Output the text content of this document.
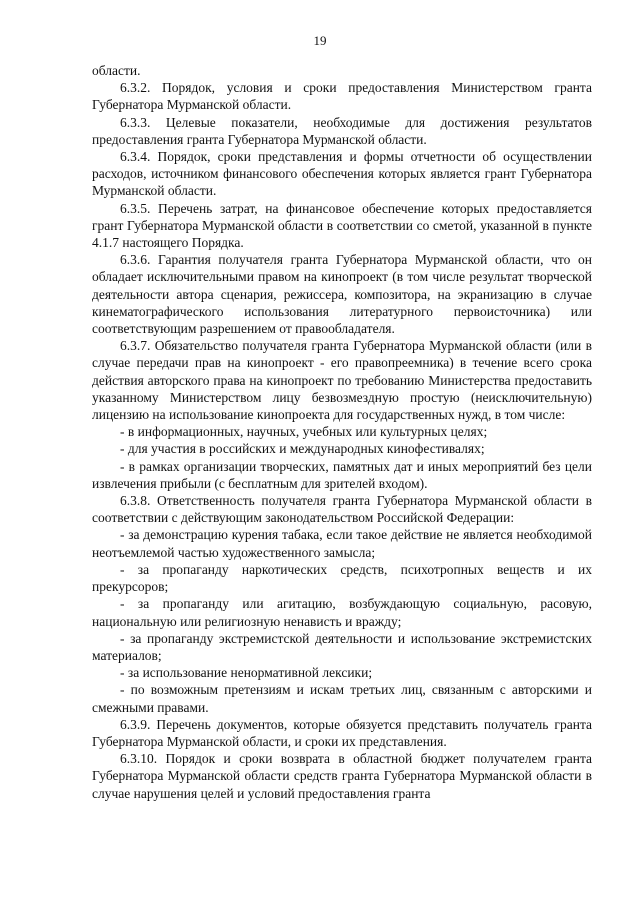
19

области.

6.3.2. Порядок, условия и сроки предоставления Министерством гранта Губернатора Мурманской области.

6.3.3. Целевые показатели, необходимые для достижения результатов предоставления гранта Губернатора Мурманской области.

6.3.4. Порядок, сроки представления и формы отчетности об осуществлении расходов, источником финансового обеспечения которых является грант Губернатора Мурманской области.

6.3.5. Перечень затрат, на финансовое обеспечение которых предоставляется грант Губернатора Мурманской области в соответствии со сметой, указанной в пункте 4.1.7 настоящего Порядка.

6.3.6. Гарантия получателя гранта Губернатора Мурманской области, что он обладает исключительными правом на кинопроект (в том числе результат творческой деятельности автора сценария, режиссера, композитора, на экранизацию в случае кинематографического использования литературного первоисточника) или соответствующим разрешением от правообладателя.

6.3.7. Обязательство получателя гранта Губернатора Мурманской области (или в случае передачи прав на кинопроект - его правопреемника) в течение всего срока действия авторского права на кинопроект по требованию Министерства предоставить указанному Министерством лицу безвозмездную простую (неисключительную) лицензию на использование кинопроекта для государственных нужд, в том числе:

- в информационных, научных, учебных или культурных целях;

- для участия в российских и международных кинофестивалях;

- в рамках организации творческих, памятных дат и иных мероприятий без цели извлечения прибыли (с бесплатным для зрителей входом).

6.3.8. Ответственность получателя гранта Губернатора Мурманской области в соответствии с действующим законодательством Российской Федерации:

- за демонстрацию курения табака, если такое действие не является необходимой неотъемлемой частью художественного замысла;

- за пропаганду наркотических средств, психотропных веществ и их прекурсоров;

- за пропаганду или агитацию, возбуждающую социальную, расовую, национальную или религиозную ненависть и вражду;

- за пропаганду экстремистской деятельности и использование экстремистских материалов;

- за использование ненормативной лексики;

- по возможным претензиям и искам третьих лиц, связанным с авторскими и смежными правами.

6.3.9. Перечень документов, которые обязуется представить получатель гранта Губернатора Мурманской области, и сроки их представления.

6.3.10. Порядок и сроки возврата в областной бюджет получателем гранта Губернатора Мурманской области средств гранта Губернатора Мурманской области в случае нарушения целей и условий предоставления гранта
